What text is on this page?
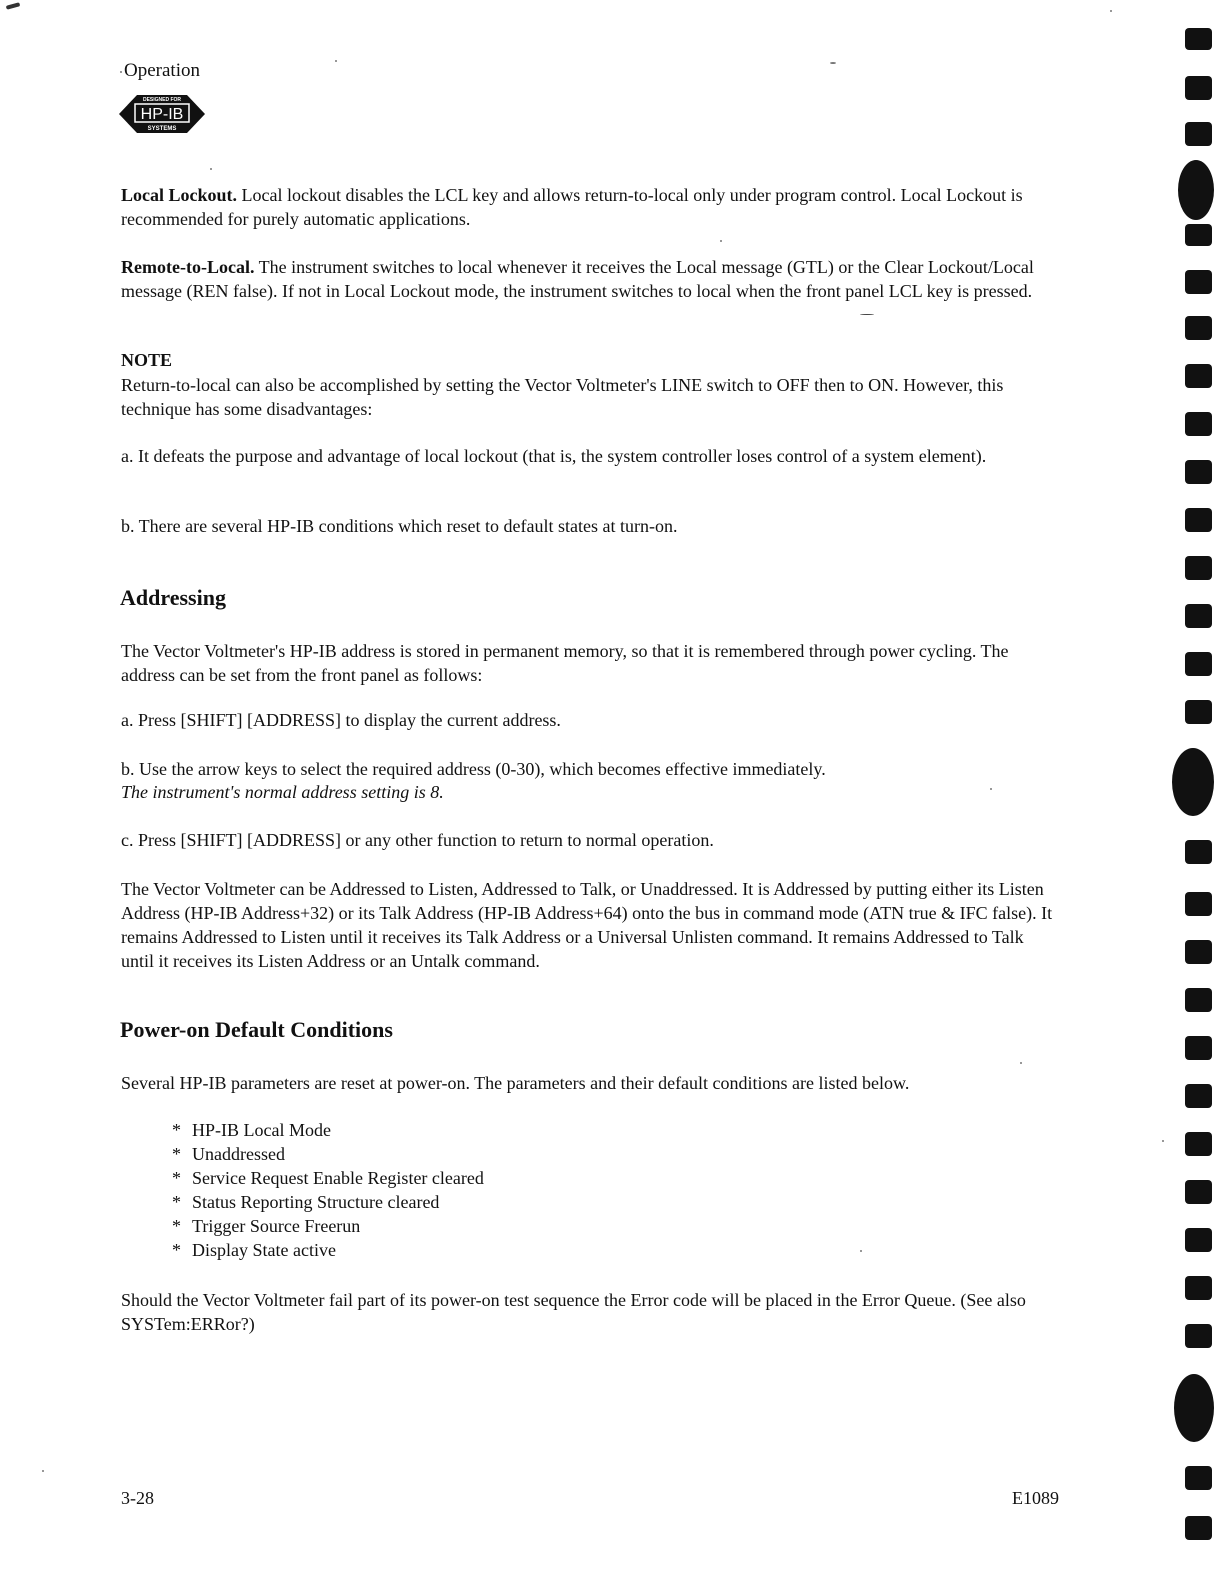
Operation
DESIGNED FOR
HP-IB
SYSTEMS

Local Lockout. Local lockout disables the LCL key and allows return-to-local only under program control. Local Lockout is recommended for purely automatic applications.

Remote-to-Local. The instrument switches to local whenever it receives the Local message (GTL) or the Clear Lockout/Local message (REN false). If not in Local Lockout mode, the instrument switches to local when the front panel LCL key is pressed.

NOTE

Return-to-local can also be accomplished by setting the Vector Voltmeter's LINE switch to OFF then to ON. However, this technique has some disadvantages:

a. It defeats the purpose and advantage of local lockout (that is, the system controller loses control of a system element).

b. There are several HP-IB conditions which reset to default states at turn-on.

Addressing

The Vector Voltmeter's HP-IB address is stored in permanent memory, so that it is remembered through power cycling. The address can be set from the front panel as follows:

a. Press [SHIFT] [ADDRESS] to display the current address.

b. Use the arrow keys to select the required address (0-30), which becomes effective immediately.

The instrument's normal address setting is 8.

c. Press [SHIFT] [ADDRESS] or any other function to return to normal operation.

The Vector Voltmeter can be Addressed to Listen, Addressed to Talk, or Unaddressed. It is Addressed by putting either its Listen Address (HP-IB Address+32) or its Talk Address (HP-IB Address+64) onto the bus in command mode (ATN true & IFC false). It remains Addressed to Listen until it receives its Talk Address or a Universal Unlisten command. It remains Addressed to Talk until it receives its Listen Address or an Untalk command.

Power-on Default Conditions

Several HP-IB parameters are reset at power-on. The parameters and their default conditions are listed below.

* HP-IB Local Mode
* Unaddressed
* Service Request Enable Register cleared
* Status Reporting Structure cleared
* Trigger Source Freerun
* Display State active

Should the Vector Voltmeter fail part of its power-on test sequence the Error code will be placed in the Error Queue. (See also SYSTem:ERRor?)

3-28	E1089
